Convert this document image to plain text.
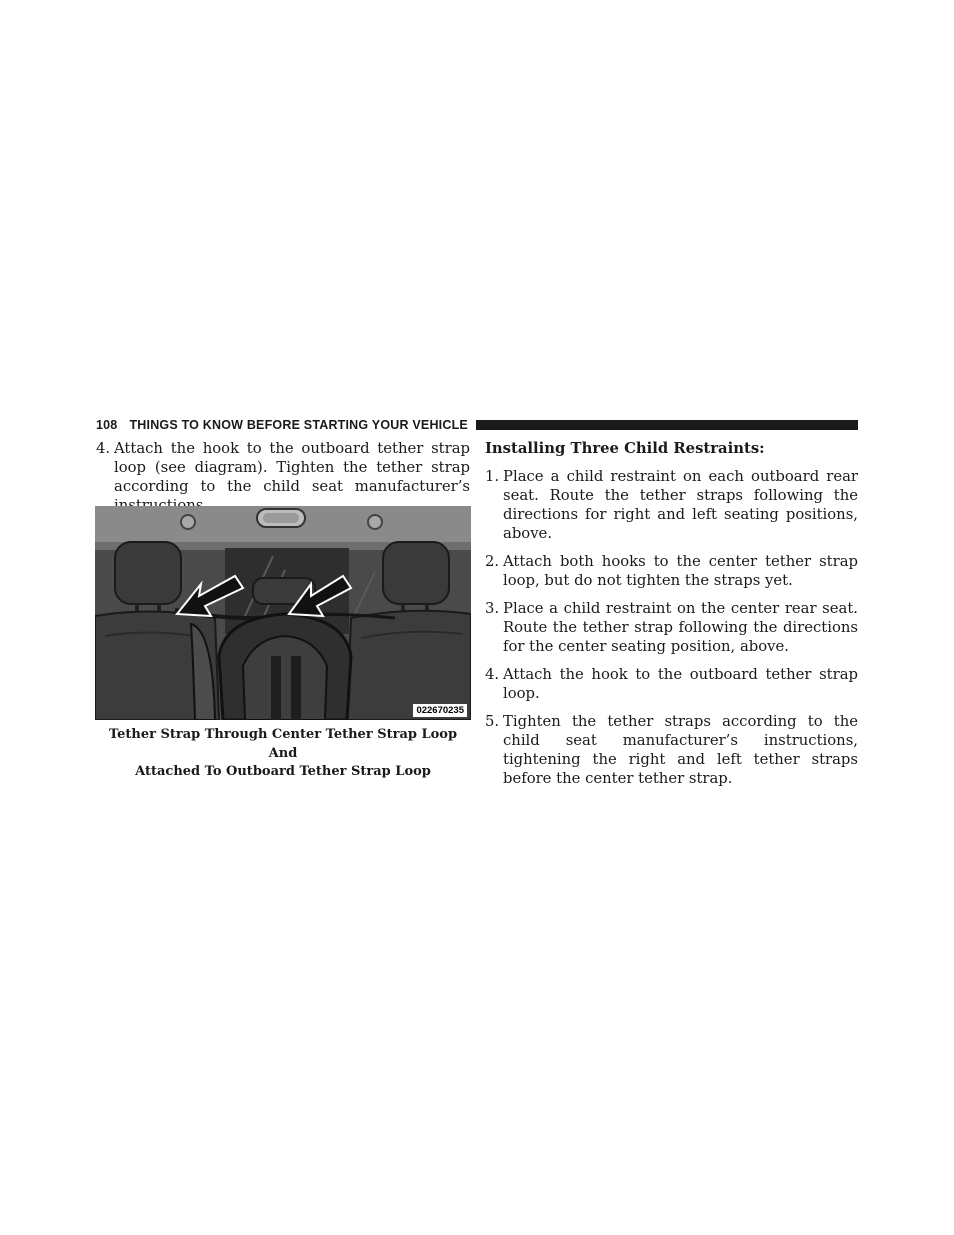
108 THINGS TO KNOW BEFORE STARTING YOUR VEHICLE
4. Attach the hook to the outboard tether strap loop (see diagram). Tighten the tether strap according to the child seat manufacturer’s
022670235
Tether Strap Through Center Tether Strap Loop And
Attached To Outboard Tether Strap Loop

Installing Three Child Restraints:

1. Place a child restraint on each outboard rear seat. Route the tether straps following the directions for right and left seating positions, above.
2. Attach both hooks to the center tether strap loop, but do not tighten the straps yet.
3. Place a child restraint on the center rear seat. Route the tether strap following the directions for the center seating position, above.
4. Attach the hook to the outboard tether strap loop.
5. Tighten the tether straps according to the child seat manufacturer’s instructions, tightening the right and left tether straps before the center tether strap.
